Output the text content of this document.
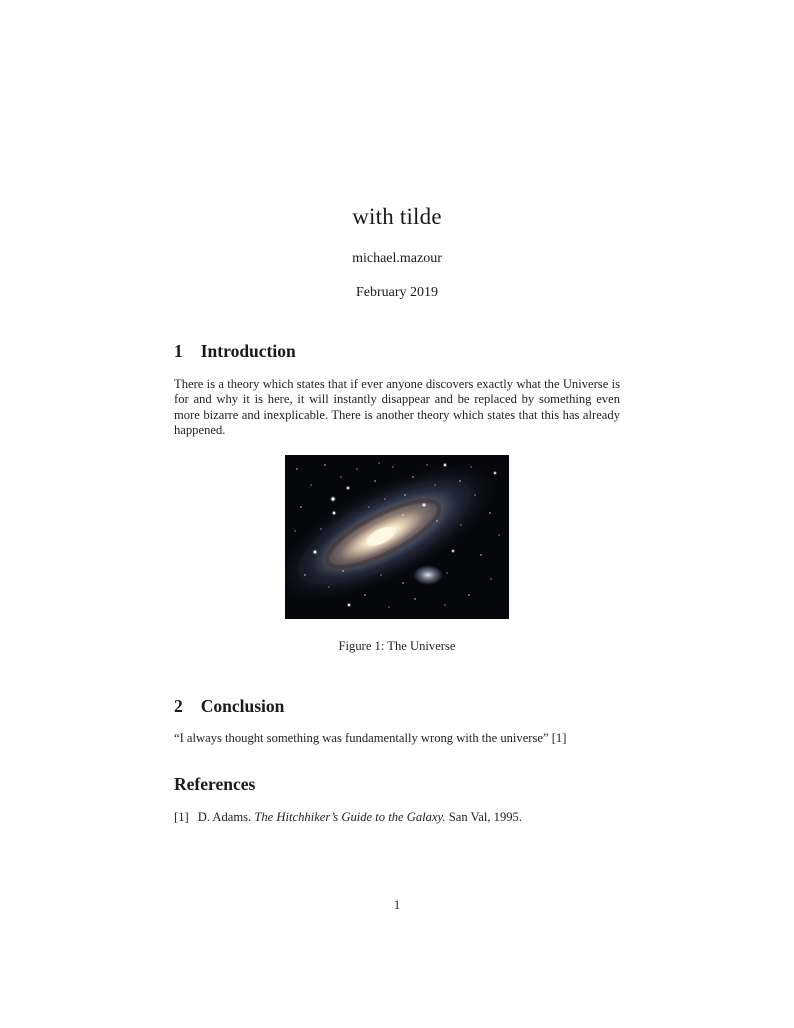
with tilde
michael.mazour
February 2019
1 Introduction

There is a theory which states that if ever anyone discovers exactly what the Universe is for and why it is here, it will instantly disappear and be replaced by something even more bizarre and inexplicable. There is another theory which states that this has already happened.

Figure 1: The Universe
2 Conclusion

“I always thought something was fundamentally wrong with the universe” [1]

References
[1] D. Adams. The Hitchhiker’s Guide to the Galaxy. San Val, 1995.
1
